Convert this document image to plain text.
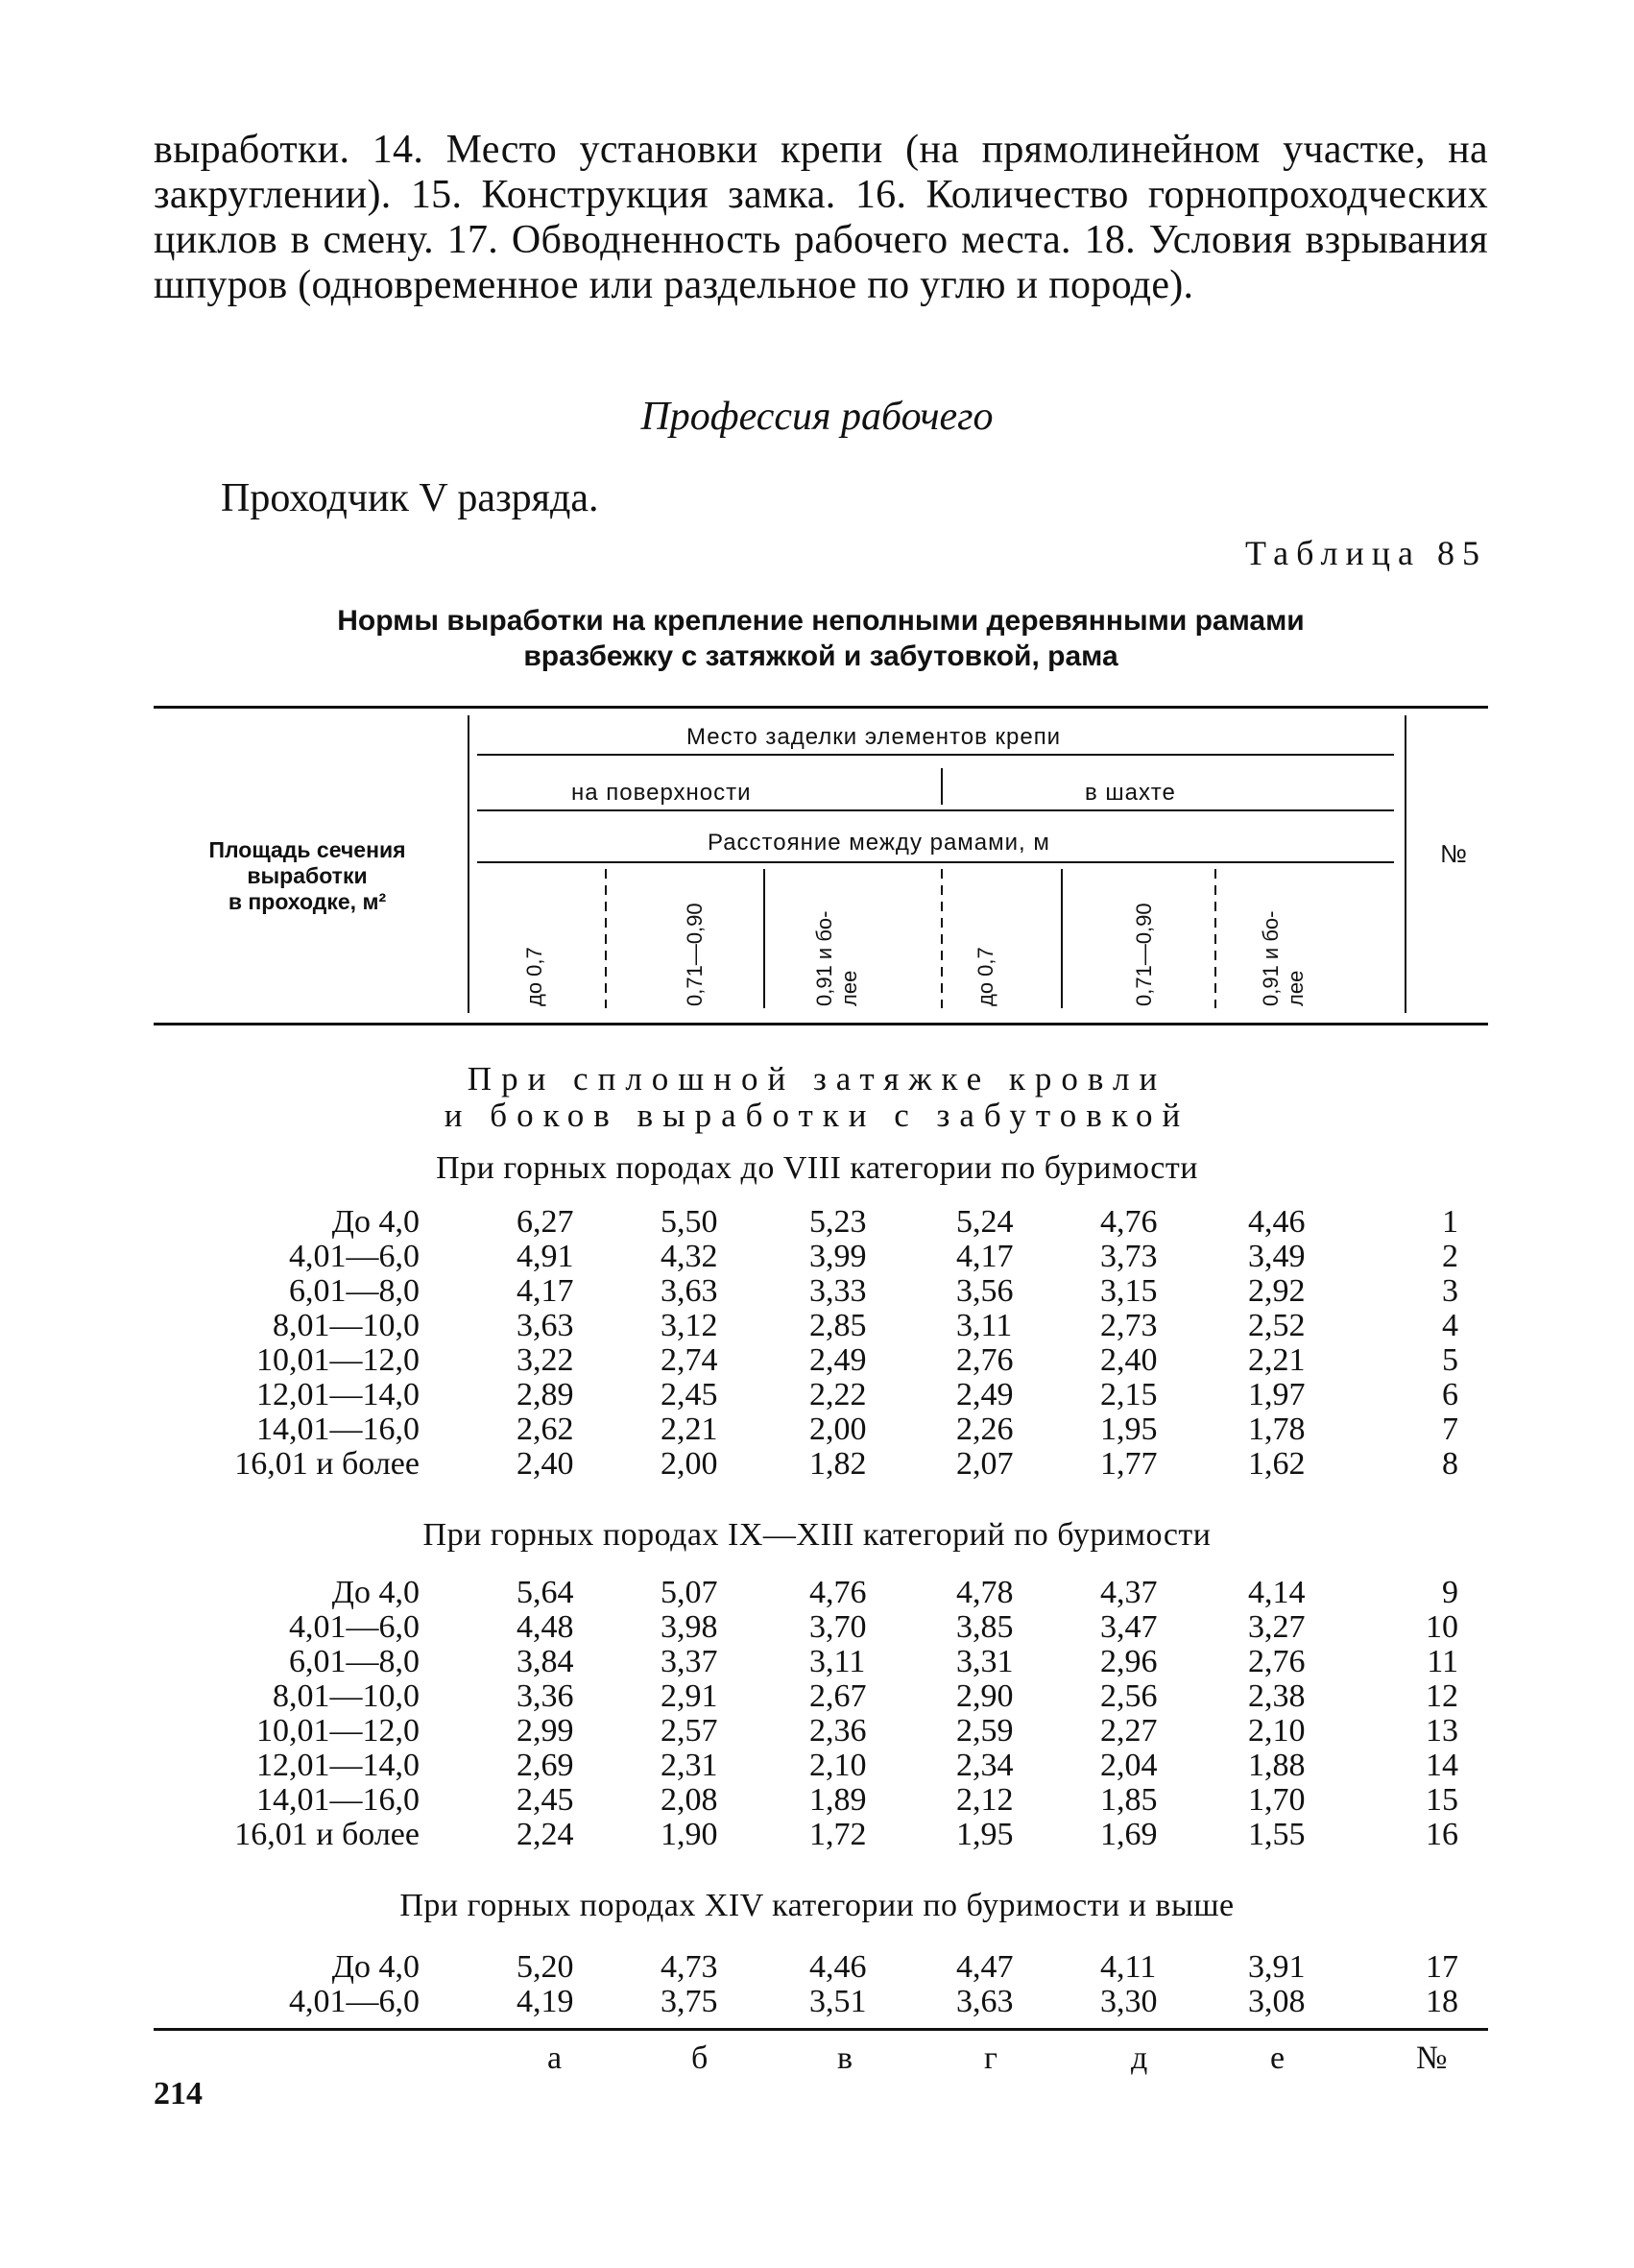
выработки. 14. Место установки крепи (на прямолинейном участке, на закруглении). 15. Конструкция замка. 16. Количество горнопроходческих циклов в смену. 17. Обводненность рабочего места. 18. Условия взрывания шпуров (одновременное или раздельное по углю и породе).
Профессия рабочего
Проходчик V разряда.
Таблица 85
Нормы выработки на крепление неполными деревянными рамами
вразбежку с затяжкой и забутовкой, рама
Место заделки элементов крепи
на поверхности	в шахте
Расстояние между рамами, м
Площадь сечения
выработки
в проходке, м²
№
до 0,7	0,71—0,90	0,91 и бо- лее	до 0,7	0,71—0,90	0,91 и бо- лее
При сплошной затяжке кровли
и боков выработки с забутовкой
При горных породах до VIII категории по буримости
До 4,0	6,27	5,50	5,23	5,24	4,76	4,46	1
4,01—6,0	4,91	4,32	3,99	4,17	3,73	3,49	2
6,01—8,0	4,17	3,63	3,33	3,56	3,15	2,92	3
8,01—10,0	3,63	3,12	2,85	3,11	2,73	2,52	4
10,01—12,0	3,22	2,74	2,49	2,76	2,40	2,21	5
12,01—14,0	2,89	2,45	2,22	2,49	2,15	1,97	6
14,01—16,0	2,62	2,21	2,00	2,26	1,95	1,78	7
16,01 и более	2,40	2,00	1,82	2,07	1,77	1,62	8
При горных породах IX—XIII категорий по буримости
До 4,0	5,64	5,07	4,76	4,78	4,37	4,14	9
4,01—6,0	4,48	3,98	3,70	3,85	3,47	3,27	10
6,01—8,0	3,84	3,37	3,11	3,31	2,96	2,76	11
8,01—10,0	3,36	2,91	2,67	2,90	2,56	2,38	12
10,01—12,0	2,99	2,57	2,36	2,59	2,27	2,10	13
12,01—14,0	2,69	2,31	2,10	2,34	2,04	1,88	14
14,01—16,0	2,45	2,08	1,89	2,12	1,85	1,70	15
16,01 и более	2,24	1,90	1,72	1,95	1,69	1,55	16
При горных породах XIV категории по буримости и выше
До 4,0	5,20	4,73	4,46	4,47	4,11	3,91	17
4,01—6,0	4,19	3,75	3,51	3,63	3,30	3,08	18
а	б	в	г	д	е	№
214
